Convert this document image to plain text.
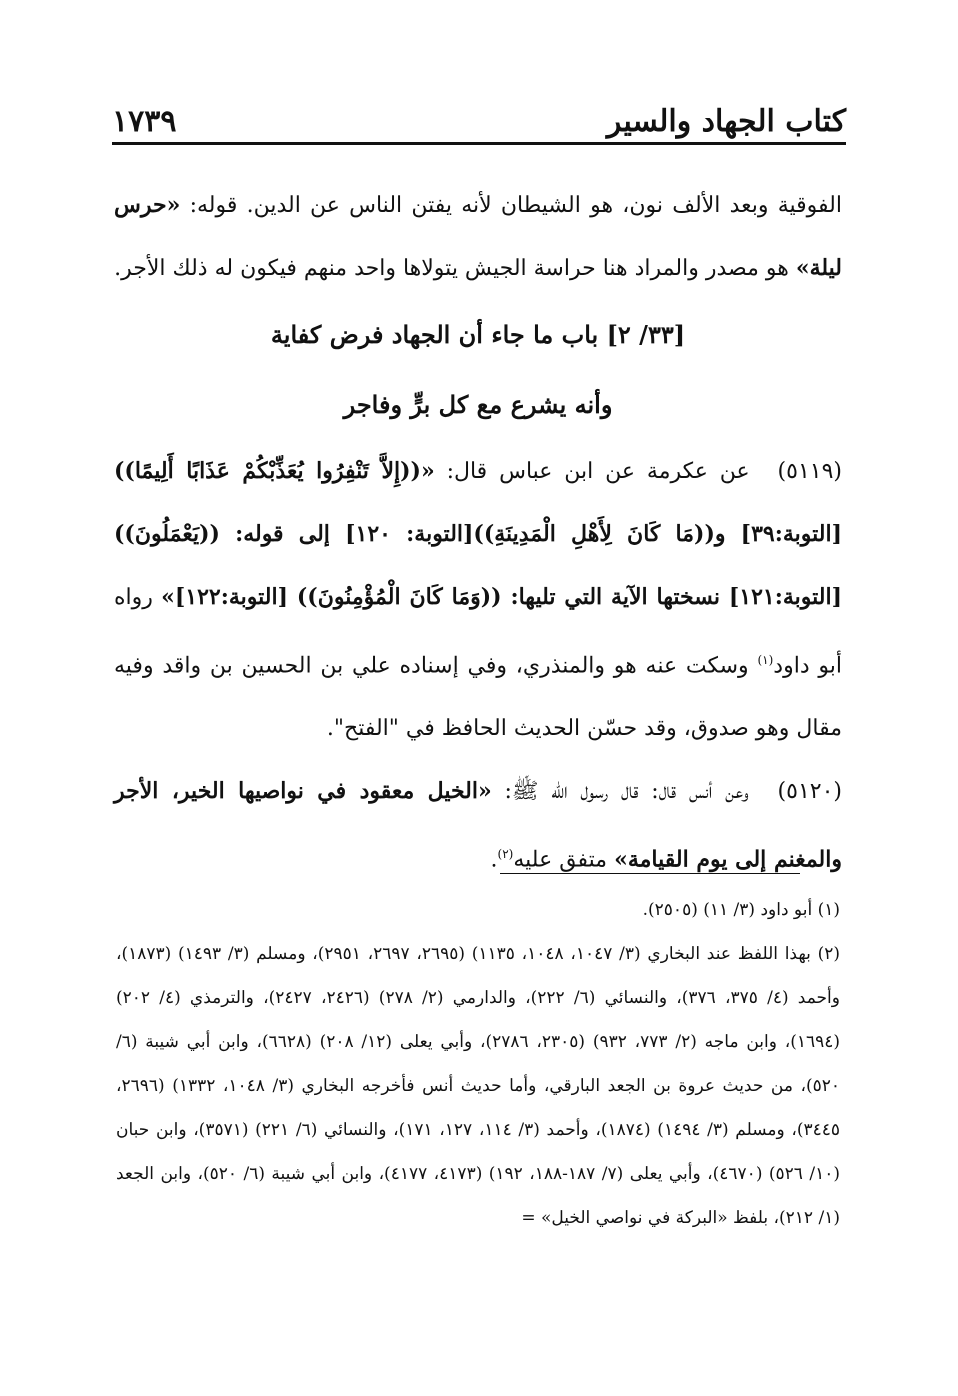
كتاب الجهاد والسير
١٧٣٩

الفوقية وبعد الألف نون، هو الشيطان لأنه يفتن الناس عن الدين. قوله: «حرس ليلة» هو مصدر والمراد هنا حراسة الجيش يتولاها واحد منهم فيكون له ذلك الأجر.

[٣٣/ ٢] باب ما جاء أن الجهاد فرض كفاية

وأنه يشرع مع كل برٍّ وفاجر

(٥١١٩) عن عكرمة عن ابن عباس قال: «((إِلاَّ تَنْفِرُوا يُعَذِّبْكُمْ عَذَابًا أَلِيمًا)) [التوبة:٣٩] و((مَا كَانَ لِأَهْلِ الْمَدِينَةِ))[التوبة: ١٢٠] إلى قوله: ((يَعْمَلُونَ)) [التوبة:١٢١] نسختها الآية التي تليها: ((وَمَا كَانَ الْمُؤْمِنُونَ)) [التوبة:١٢٢]» رواه أبو داود$^{(١)}$ وسكت عنه هو والمنذري، وفي إسناده علي بن الحسين بن واقد وفيه مقال وهو صدوق، وقد حسّن الحديث الحافظ في "الفتح".

(٥١٢٠) وعن أنس قال: قال رسول الله ﷺ: «الخيل معقود في نواصيها الخير، الأجر والمغنم إلى يوم القيامة» متفق عليه$^{(٢)}$.

(١) أبو داود (٣/ ١١) (٢٥٠٥).

(٢) بهذا اللفظ عند البخاري (٣/ ١٠٤٧، ١٠٤٨، ١١٣٥) (٢٦٩٥، ٢٦٩٧، ٢٩٥١)، ومسلم (٣/ ١٤٩٣) (١٨٧٣)، وأحمد (٤/ ٣٧٥، ٣٧٦)، والنسائي (٦/ ٢٢٢)، والدارمي (٢/ ٢٧٨) (٢٤٢٦، ٢٤٢٧)، والترمذي (٤/ ٢٠٢) (١٦٩٤)، وابن ماجه (٢/ ٧٧٣، ٩٣٢) (٢٣٠٥، ٢٧٨٦)، وأبي يعلى (١٢/ ٢٠٨) (٦٦٢٨)، وابن أبي شيبة (٦/ ٥٢٠)، من حديث عروة بن الجعد البارقي، وأما حديث أنس فأخرجه البخاري (٣/ ١٠٤٨، ١٣٣٢) (٢٦٩٦، ٣٤٤٥)، ومسلم (٣/ ١٤٩٤) (١٨٧٤)، وأحمد (٣/ ١١٤، ١٢٧، ١٧١)، والنسائي (٦/ ٢٢١) (٣٥٧١)، وابن حبان (١٠/ ٥٢٦) (٤٦٧٠)، وأبي يعلى (٧/ ١٨٧-١٨٨، ١٩٢) (٤١٧٣، ٤١٧٧)، وابن أبي شيبة (٦/ ٥٢٠)، وابن الجعد (١/ ٢١٢)، بلفظ «البركة في نواصي الخيل» =
